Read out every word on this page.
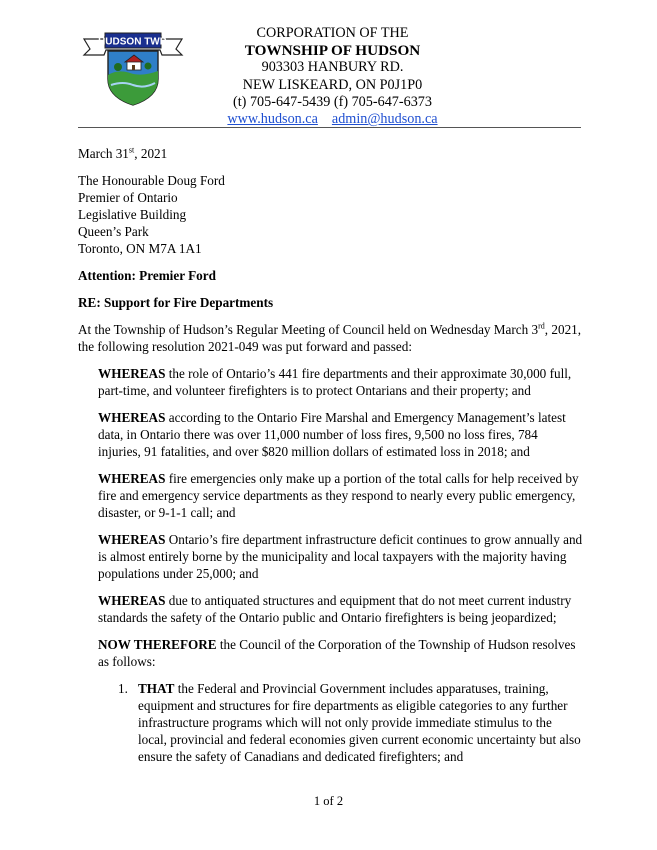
HUDSON TWP.
CORPORATION OF THE
TOWNSHIP OF HUDSON
903303 HANBURY RD.
NEW LISKEARD, ON P0J1P0
(t) 705-647-5439 (f) 705-647-6373
www.hudson.ca admin@hudson.ca

March 31st, 2021

The Honourable Doug Ford

Premier of Ontario

Legislative Building

Queen’s Park

Toronto, ON M7A 1A1

Attention: Premier Ford

RE: Support for Fire Departments

At the Township of Hudson’s Regular Meeting of Council held on Wednesday March 3rd, 2021, the following resolution 2021-049 was put forward and passed:

WHEREAS the role of Ontario’s 441 fire departments and their approximate 30,000 full, part-time, and volunteer firefighters is to protect Ontarians and their property; and

WHEREAS according to the Ontario Fire Marshal and Emergency Management’s latest data, in Ontario there was over 11,000 number of loss fires, 9,500 no loss fires, 784 injuries, 91 fatalities, and over $820 million dollars of estimated loss in 2018; and

WHEREAS fire emergencies only make up a portion of the total calls for help received by fire and emergency service departments as they respond to nearly every public emergency, disaster, or 9-1-1 call; and

WHEREAS Ontario’s fire department infrastructure deficit continues to grow annually and is almost entirely borne by the municipality and local taxpayers with the majority having populations under 25,000; and

WHEREAS due to antiquated structures and equipment that do not meet current industry standards the safety of the Ontario public and Ontario firefighters is being jeopardized;

NOW THEREFORE the Council of the Corporation of the Township of Hudson resolves as follows:

1. THAT the Federal and Provincial Government includes apparatuses, training, equipment and structures for fire departments as eligible categories to any further infrastructure programs which will not only provide immediate stimulus to the local, provincial and federal economies given current economic uncertainty but also ensure the safety of Canadians and dedicated firefighters; and

1 of 2
